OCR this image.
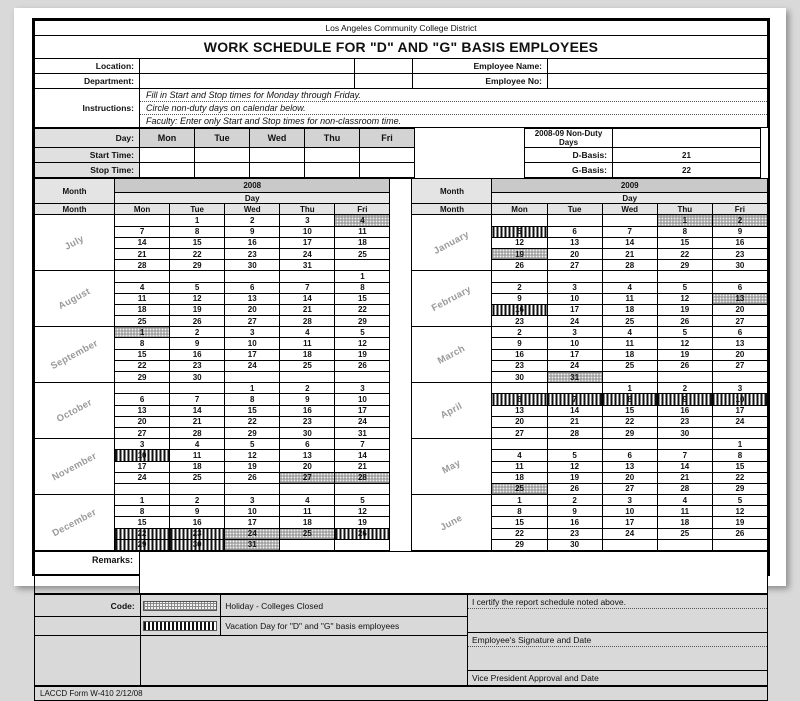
Los Angeles Community College District				
WORK SCHEDULE FOR "D" AND "G" BASIS EMPLOYEES				
Location:			Employee Name:	
Department:			Employee No:	
Instructions:	Fill in Start and Stop times for Monday through Friday.
Circle non-duty days on calendar below.
Faculty: Enter only Start and Stop times for non-classroom time.			
Day:	Mon	Tue	Wed	Thu	Fri		2008-09 Non-Duty Days		
Start Time:							D-Basis:	21	
Stop Time:							G-Basis:	22	
Month	2008						Month	2009				
	Day							Day				
Month	Mon	Tue	Wed	Thu	Fri		Month	Mon	Tue	Wed	Thu	Fri

July		1	2	3	4		January				1	2
	7	8	9	10	11			5	6	7	8	9
	14	15	16	17	18			12	13	14	15	16
	21	22	23	24	25			19	20	21	22	23
	28	29	30	31				26	27	28	29	30

August					1		February					

	4	5	6	7	8			2	3	4	5	6
	11	12	13	14	15			9	10	11	12	13
	18	19	20	21	22			16	17	18	19	20
	25	26	27	28	29			23	24	25	26	27

September	1	2	3	4	5		March	2	3	4	5	6
	8	9	10	11	12			9	10	11	12	13
	15	16	17	18	19			16	17	18	19	20
	22	23	24	25	26			23	24	25	26	27
	29	30						30	31			

October			1	2	3		April			1	2	3
	6	7	8	9	10			6	7	8	9	10
	13	14	15	16	17			13	14	15	16	17
	20	21	22	23	24			20	21	22	23	24
	27	28	29	30	31			27	28	29	30	

November	3	4	5	6	7		May					1
	10	11	12	13	14			4	5	6	7	8
	17	18	19	20	21			11	12	13	14	15
	24	25	26	27	28			18	19	20	21	22
								25	26	27	28	29

December	1	2	3	4	5		June	1	2	3	4	5
	8	9	10	11	12			8	9	10	11	12
	15	16	17	18	19			15	16	17	18	19
	22	23	24	25	26			22	23	24	25	26
	29	30	31					29	30			
Remarks:	
Code:		Holiday - Colleges Closed	I certify the report schedule noted above.
Employee's Signature and Date
Vice President Approval and Date

		Vacation Day for "D" and "G" basis employees	

LACCD Form W-410 2/12/08
